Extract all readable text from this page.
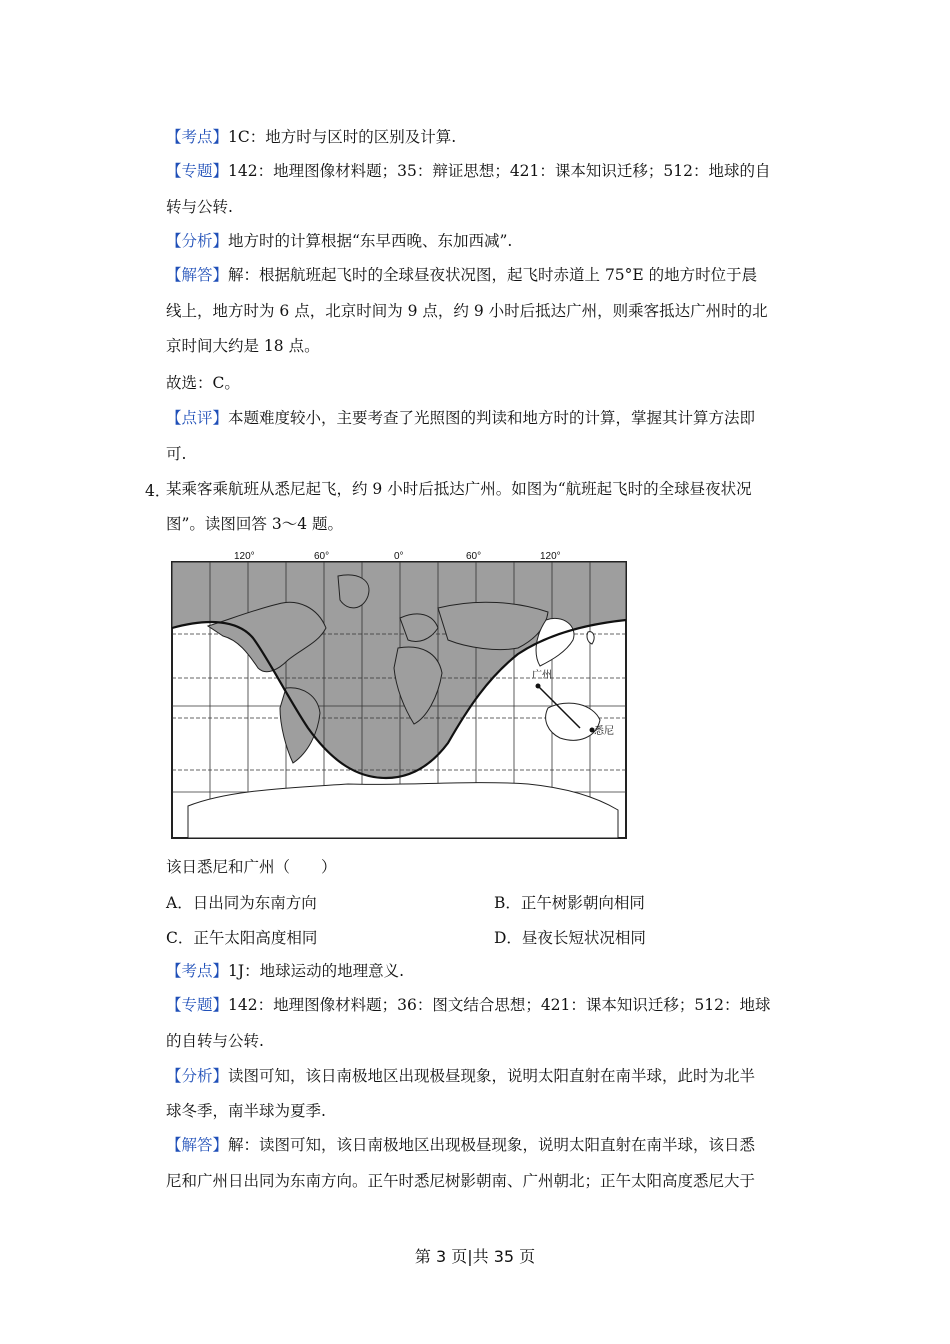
【考点】1C：地方时与区时的区别及计算.
【专题】142：地理图像材料题；35：辩证思想；421：课本知识迁移；512：地球的自
转与公转.
【分析】地方时的计算根据“东早西晚、东加西减”.
【解答】解：根据航班起飞时的全球昼夜状况图，起飞时赤道上 75°E 的地方时位于晨
线上，地方时为 6 点，北京时间为 9 点，约 9 小时后抵达广州，则乘客抵达广州时的北
京时间大约是 18 点。
故选：C。
【点评】本题难度较小，主要考查了光照图的判读和地方时的计算，掌握其计算方法即
可.
4．
某乘客乘航班从悉尼起飞，约 9 小时后抵达广州。如图为“航班起飞时的全球昼夜状况
图”。读图回答 3～4 题。
120°	60°	0°	60°	120°
广州
悉尼
该日悉尼和广州（　　）
A．日出同为东南方向	B．正午树影朝向相同
C．正午太阳高度相同	D．昼夜长短状况相同
【考点】1J：地球运动的地理意义.
【专题】142：地理图像材料题；36：图文结合思想；421：课本知识迁移；512：地球
的自转与公转.
【分析】读图可知，该日南极地区出现极昼现象，说明太阳直射在南半球，此时为北半
球冬季，南半球为夏季.
【解答】解：读图可知，该日南极地区出现极昼现象，说明太阳直射在南半球，该日悉
尼和广州日出同为东南方向。正午时悉尼树影朝南、广州朝北；正午太阳高度悉尼大于
第 3 页|共 35 页
